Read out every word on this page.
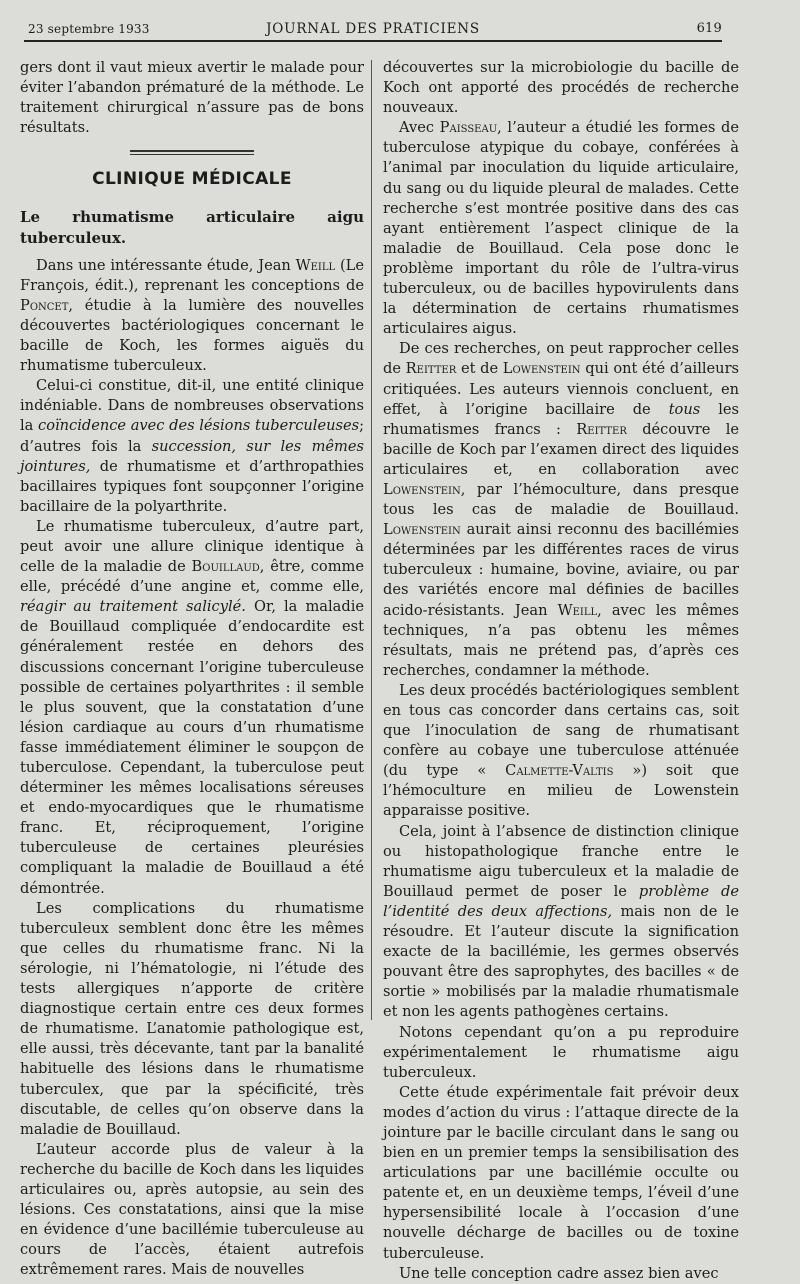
23 septembre 1933	JOURNAL DES PRATICIENS	619

gers dont il vaut mieux avertir le malade pour éviter l’abandon prématuré de la méthode. Le traitement chirurgical n’assure pas de bons résultats.

CLINIQUE MÉDICALE

Le rhumatisme articulaire aigu tuberculeux.

Dans une intéressante étude, Jean Weill (Le François, édit.), reprenant les conceptions de Poncet, étudie à la lumière des nouvelles découvertes bactériologiques concernant le bacille de Koch, les formes aiguës du rhumatisme tuberculeux.

Celui-ci constitue, dit-il, une entité clinique indéniable. Dans de nombreuses observations la coïncidence avec des lésions tuberculeuses; d’autres fois la succession, sur les mêmes jointures, de rhumatisme et d’arthropathies bacillaires typiques font soupçonner l’origine bacillaire de la polyarthrite.

Le rhumatisme tuberculeux, d’autre part, peut avoir une allure clinique identique à celle de la maladie de Bouillaud, être, comme elle, précédé d’une angine et, comme elle, réagir au traitement salicylé. Or, la maladie de Bouillaud compliquée d’endocardite est généralement restée en dehors des discussions concernant l’origine tuberculeuse possible de certaines polyarthrites : il semble le plus souvent, que la constatation d’une lésion cardiaque au cours d’un rhumatisme fasse immédiatement éliminer le soupçon de tuberculose. Cependant, la tuberculose peut déterminer les mêmes localisations séreuses et endo-myocardiques que le rhumatisme franc. Et, réciproquement, l’origine tuberculeuse de certaines pleurésies compliquant la maladie de Bouillaud a été démontrée.

Les complications du rhumatisme tuberculeux semblent donc être les mêmes que celles du rhumatisme franc. Ni la sérologie, ni l’hématologie, ni l’étude des tests allergiques n’apporte de critère diagnostique certain entre ces deux formes de rhumatisme. L’anatomie pathologique est, elle aussi, très décevante, tant par la banalité habituelle des lésions dans le rhumatisme tuberculex, que par la spécificité, très discutable, de celles qu’on observe dans la maladie de Bouillaud.

L’auteur accorde plus de valeur à la recherche du bacille de Koch dans les liquides articulaires ou, après autopsie, au sein des lésions. Ces constatations, ainsi que la mise en évidence d’une bacillémie tuberculeuse au cours de l’accès, étaient autrefois extrêmement rares. Mais de nouvelles

découvertes sur la microbiologie du bacille de Koch ont apporté des procédés de recherche nouveaux.

Avec Paisseau, l’auteur a étudié les formes de tuberculose atypique du cobaye, conférées à l’animal par inoculation du liquide articulaire, du sang ou du liquide pleural de malades. Cette recherche s’est montrée positive dans des cas ayant entièrement l’aspect clinique de la maladie de Bouillaud. Cela pose donc le problème important du rôle de l’ultra-virus tuberculeux, ou de bacilles hypovirulents dans la détermination de certains rhumatismes articulaires aigus.

De ces recherches, on peut rapprocher celles de Reitter et de Lowenstein qui ont été d’ailleurs critiquées. Les auteurs viennois concluent, en effet, à l’origine bacillaire de tous les rhumatismes francs : Reitter découvre le bacille de Koch par l’examen direct des liquides articulaires et, en collaboration avec Lowenstein, par l’hémoculture, dans presque tous les cas de maladie de Bouillaud. Lowenstein aurait ainsi reconnu des bacillémies déterminées par les différentes races de virus tuberculeux : humaine, bovine, aviaire, ou par des variétés encore mal définies de bacilles acido-résistants. Jean Weill, avec les mêmes techniques, n’a pas obtenu les mêmes résultats, mais ne prétend pas, d’après ces recherches, condamner la méthode.

Les deux procédés bactériologiques semblent en tous cas concorder dans certains cas, soit que l’inoculation de sang de rhumatisant confère au cobaye une tuberculose atténuée (du type « Calmette-Valtis ») soit que l’hémoculture en milieu de Lowenstein apparaisse positive.

Cela, joint à l’absence de distinction clinique ou histopathologique franche entre le rhumatisme aigu tuberculeux et la maladie de Bouillaud permet de poser le problème de l’identité des deux affections, mais non de le résoudre. Et l’auteur discute la signification exacte de la bacillémie, les germes observés pouvant être des saprophytes, des bacilles « de sortie » mobilisés par la maladie rhumatismale et non les agents pathogènes certains.

Notons cependant qu’on a pu reproduire expérimentalement le rhumatisme aigu tuberculeux.

Cette étude expérimentale fait prévoir deux modes d’action du virus : l’attaque directe de la jointure par le bacille circulant dans le sang ou bien en un premier temps la sensibilisation des articulations par une bacillémie occulte ou patente et, en un deuxième temps, l’éveil d’une hypersensibilité locale à l’occasion d’une nouvelle décharge de bacilles ou de toxine tuberculeuse.

Une telle conception cadre assez bien avec
